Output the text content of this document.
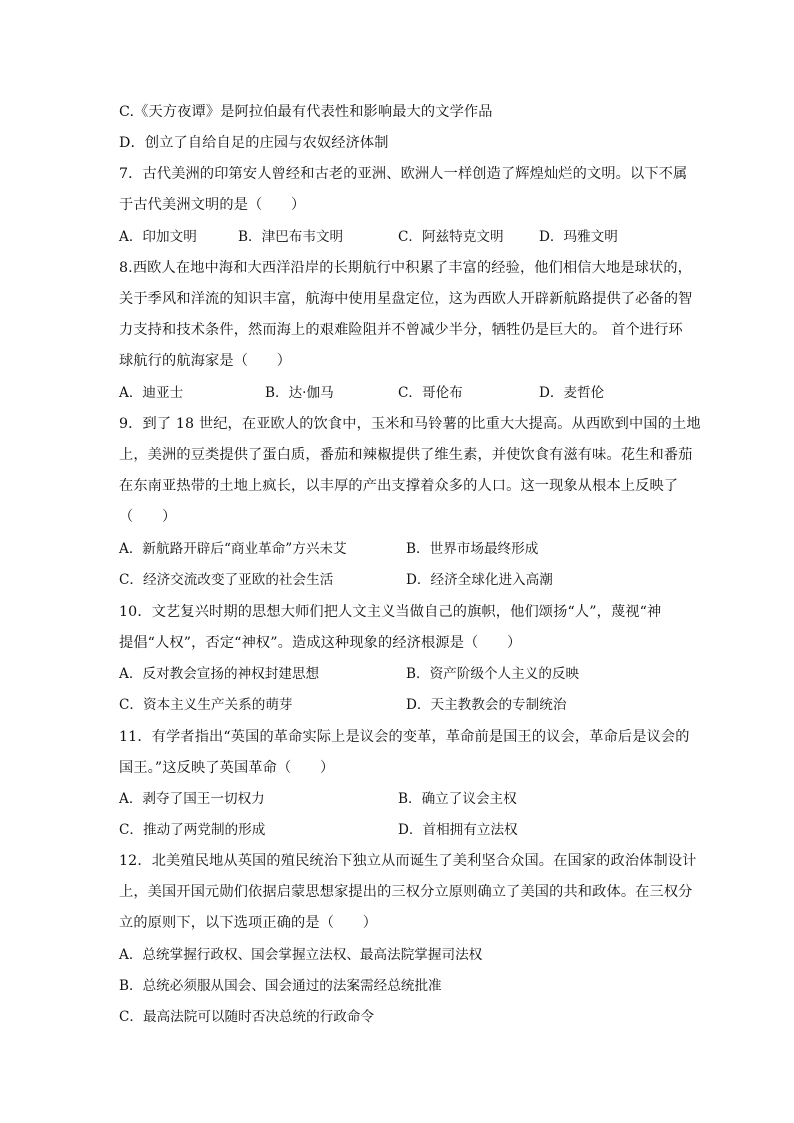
C.《天方夜谭》是阿拉伯最有代表性和影响最大的文学作品
D．创立了自给自足的庄园与农奴经济体制
7．古代美洲的印第安人曾经和古老的亚洲、欧洲人一样创造了辉煌灿烂的文明。以下不属
于古代美洲文明的是（　　）
A．印加文明	B．津巴布韦文明	C．阿兹特克文明	D．玛雅文明
8.西欧人在地中海和大西洋沿岸的长期航行中积累了丰富的经验，他们相信大地是球状的，
关于季风和洋流的知识丰富，航海中使用星盘定位，这为西欧人开辟新航路提供了必备的智
力支持和技术条件，然而海上的艰难险阻并不曾减少半分，牺牲仍是巨大的。 首个进行环
球航行的航海家是（　　）
A．迪亚士	B．达·伽马	C．哥伦布	D．麦哲伦
9．到了 18 世纪，在亚欧人的饮食中，玉米和马铃薯的比重大大提高。从西欧到中国的土地
上，美洲的豆类提供了蛋白质，番茄和辣椒提供了维生素，并使饮食有滋有味。花生和番茄
在东南亚热带的土地上疯长，以丰厚的产出支撑着众多的人口。这一现象从根本上反映了
（　　）
A．新航路开辟后“商业革命”方兴未艾	B．世界市场最终形成
C．经济交流改变了亚欧的社会生活	D．经济全球化进入高潮
10．文艺复兴时期的思想大师们把人文主义当做自己的旗帜，他们颂扬“人”，蔑视“神
提倡“人权”，否定“神权”。造成这种现象的经济根源是（　　）
A．反对教会宣扬的神权封建思想	B．资产阶级个人主义的反映
C．资本主义生产关系的萌芽	D．天主教教会的专制统治
11．有学者指出“英国的革命实际上是议会的变革，革命前是国王的议会，革命后是议会的
国王。”这反映了英国革命（　　）
A．剥夺了国王一切权力	B．确立了议会主权
C．推动了两党制的形成	D．首相拥有立法权
12．北美殖民地从英国的殖民统治下独立从而诞生了美利坚合众国。在国家的政治体制设计
上，美国开国元勋们依据启蒙思想家提出的三权分立原则确立了美国的共和政体。在三权分
立的原则下，以下选项正确的是（　　）
A．总统掌握行政权、国会掌握立法权、最高法院掌握司法权
B．总统必须服从国会、国会通过的法案需经总统批准
C．最高法院可以随时否决总统的行政命令
